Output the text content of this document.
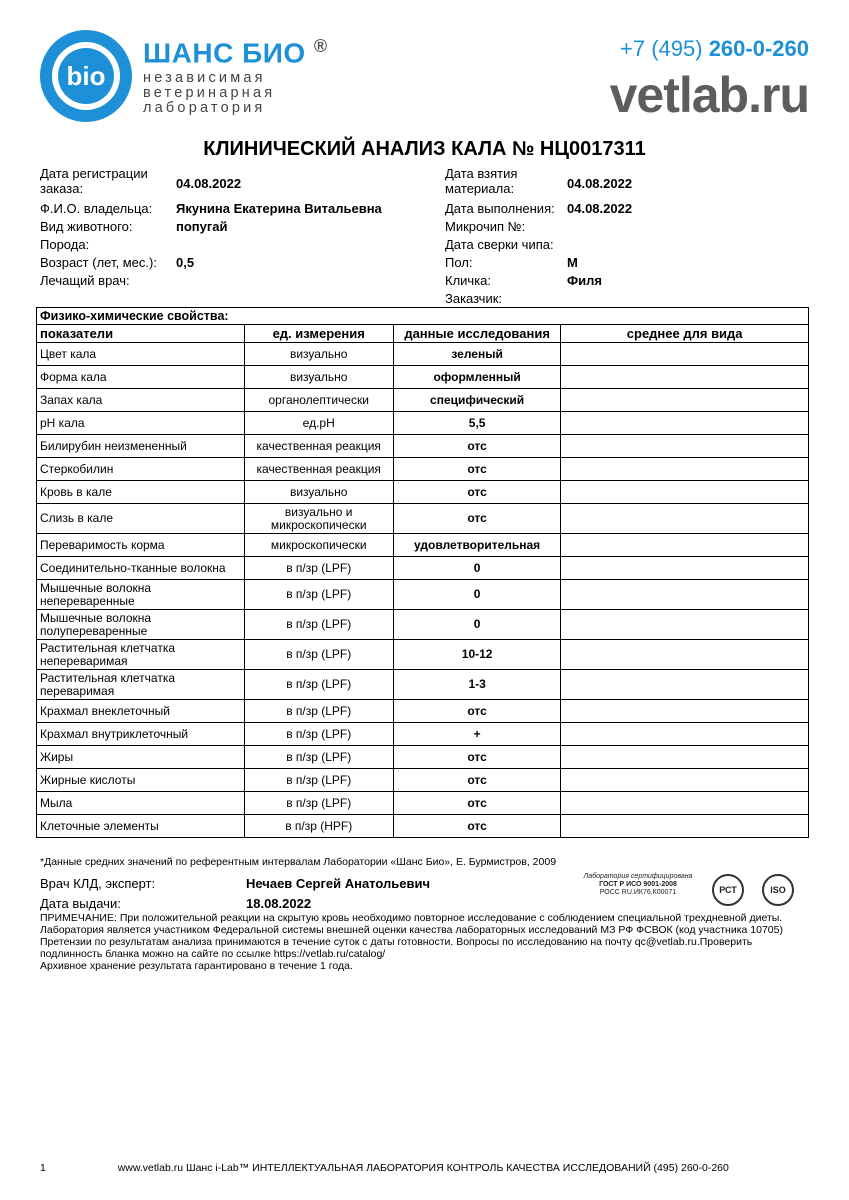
bio
ШАНС БИО ®
независимая
ветеринарная
лаборатория
+7 (495) 260-0-260
vetlab.ru
КЛИНИЧЕСКИЙ АНАЛИЗ КАЛА № НЦ0017311
Дата регистрации
заказа:	04.08.2022
Ф.И.О. владельца: Якунина Екатерина Витальевна
Вид животного:	попугай
Порода:
Возраст (лет, мес.): 0,5
Лечащий врач:
Дата взятия
материала:	04.08.2022
Дата выполнения: 04.08.2022
Микрочип №:
Дата сверки чипа:
Пол:	М
Кличка:	Филя
Заказчик:
Физико-химические свойства:			
показатели	ед. измерения	данные исследования	среднее для вида
Цвет кала	визуально	зеленый	
Форма кала	визуально	оформленный	
Запах кала	органолептически	специфический	
pH кала	ед.pH	5,5	
Билирубин неизмененный	качественная реакция	отс	
Стеркобилин	качественная реакция	отс	
Кровь в кале	визуально	отс	
Слизь в кале	визуально и микроскопически	отс	
Переваримость корма	микроскопически	удовлетворительная	
Соединительно-тканные волокна	в п/зр (LPF)	0	
Мышечные волокна непереваренные	в п/зр (LPF)	0	
Мышечные волокна полупереваренные	в п/зр (LPF)	0	
Растительная клетчатка непереваримая	в п/зр (LPF)	10-12	
Растительная клетчатка переваримая	в п/зр (LPF)	1-3	
Крахмал внеклеточный	в п/зр (LPF)	отс	
Крахмал внутриклеточный	в п/зр (LPF)	+	
Жиры	в п/зр (LPF)	отс	
Жирные кислоты	в п/зр (LPF)	отс	
Мыла	в п/зр (LPF)	отс	
Клеточные элементы	в п/зр (HPF)	отс	
*Данные средних значений по референтным интервалам Лаборатории «Шанс Био», Е. Бурмистров, 2009
Врач КЛД, эксперт:	Нечаев Сергей Анатольевич
Дата выдачи:	18.08.2022
Лаборатория сертифицирована
ГОСТ Р ИСО 9001-2008
РОСС RU.ИК76.К00071	РСТ	ISO
ПРИМЕЧАНИЕ: При положительной реакции на скрытую кровь необходимо повторное исследование с соблюдением специальной трехдневной диеты.
Лаборатория является участником Федеральной системы внешней оценки качества лабораторных исследований МЗ РФ ФСВОК (код участника 10705)
Претензии по результатам анализа принимаются в течение суток с даты готовности. Вопросы по исследованию на почту qc@vetlab.ru.Проверить
подлинность бланка можно на сайте по ссылке https://vetlab.ru/catalog/
Архивное хранение результата гарантировано в течение 1 года.
1	www.vetlab.ru Шанс i-Lab™ ИНТЕЛЛЕКТУАЛЬНАЯ ЛАБОРАТОРИЯ КОНТРОЛЬ КАЧЕСТВА ИССЛЕДОВАНИЙ (495) 260-0-260
